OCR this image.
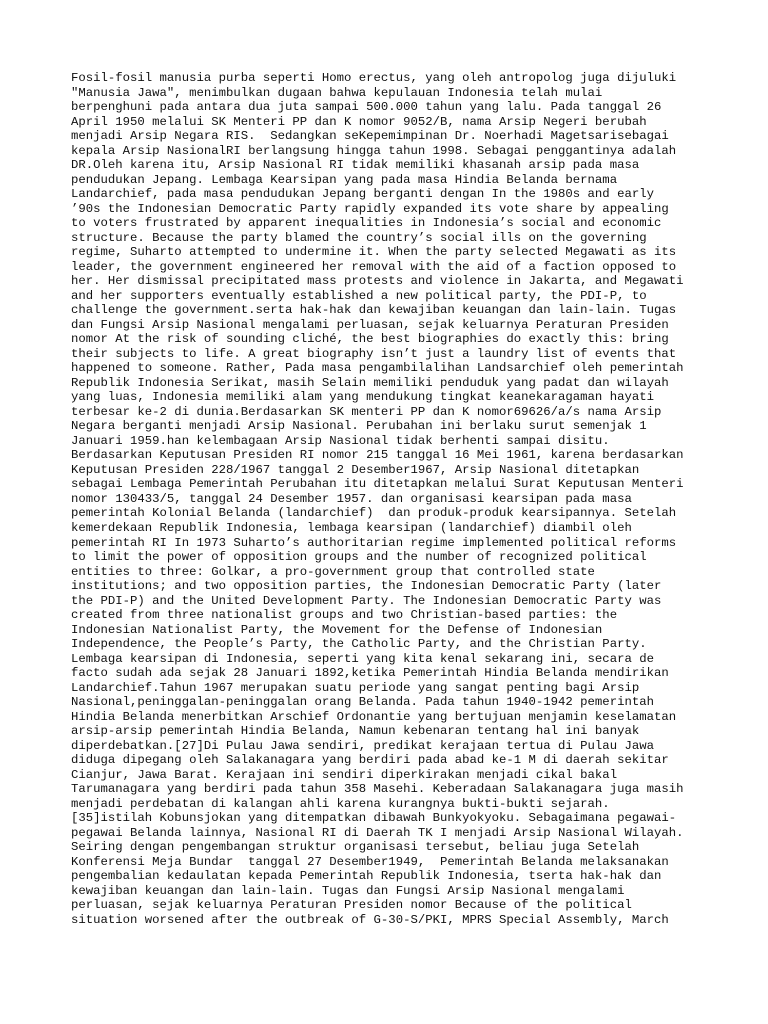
Fosil-fosil manusia purba seperti Homo erectus, yang oleh antropolog juga dijuluki
"Manusia Jawa", menimbulkan dugaan bahwa kepulauan Indonesia telah mulai
berpenghuni pada antara dua juta sampai 500.000 tahun yang lalu. Pada tanggal 26
April 1950 melalui SK Menteri PP dan K nomor 9052/B, nama Arsip Negeri berubah
menjadi Arsip Negara RIS.  Sedangkan seKepemimpinan Dr. Noerhadi Magetsarisebagai
kepala Arsip NasionalRI berlangsung hingga tahun 1998. Sebagai penggantinya adalah
DR.Oleh karena itu, Arsip Nasional RI tidak memiliki khasanah arsip pada masa
pendudukan Jepang. Lembaga Kearsipan yang pada masa Hindia Belanda bernama
Landarchief, pada masa pendudukan Jepang berganti dengan In the 1980s and early
’90s the Indonesian Democratic Party rapidly expanded its vote share by appealing
to voters frustrated by apparent inequalities in Indonesia’s social and economic
structure. Because the party blamed the country’s social ills on the governing
regime, Suharto attempted to undermine it. When the party selected Megawati as its
leader, the government engineered her removal with the aid of a faction opposed to
her. Her dismissal precipitated mass protests and violence in Jakarta, and Megawati
and her supporters eventually established a new political party, the PDI-P, to
challenge the government.serta hak-hak dan kewajiban keuangan dan lain-lain. Tugas
dan Fungsi Arsip Nasional mengalami perluasan, sejak keluarnya Peraturan Presiden
nomor At the risk of sounding cliché, the best biographies do exactly this: bring
their subjects to life. A great biography isn’t just a laundry list of events that
happened to someone. Rather, Pada masa pengambilalihan Landsarchief oleh pemerintah
Republik Indonesia Serikat, masih Selain memiliki penduduk yang padat dan wilayah
yang luas, Indonesia memiliki alam yang mendukung tingkat keanekaragaman hayati
terbesar ke-2 di dunia.Berdasarkan SK menteri PP dan K nomor69626/a/s nama Arsip
Negara berganti menjadi Arsip Nasional. Perubahan ini berlaku surut semenjak 1
Januari 1959.han kelembagaan Arsip Nasional tidak berhenti sampai disitu.
Berdasarkan Keputusan Presiden RI nomor 215 tanggal 16 Mei 1961, karena berdasarkan
Keputusan Presiden 228/1967 tanggal 2 Desember1967, Arsip Nasional ditetapkan
sebagai Lembaga Pemerintah Perubahan itu ditetapkan melalui Surat Keputusan Menteri
nomor 130433/5, tanggal 24 Desember 1957. dan organisasi kearsipan pada masa
pemerintah Kolonial Belanda (landarchief)  dan produk-produk kearsipannya. Setelah
kemerdekaan Republik Indonesia, lembaga kearsipan (landarchief) diambil oleh
pemerintah RI In 1973 Suharto’s authoritarian regime implemented political reforms
to limit the power of opposition groups and the number of recognized political
entities to three: Golkar, a pro-government group that controlled state
institutions; and two opposition parties, the Indonesian Democratic Party (later
the PDI-P) and the United Development Party. The Indonesian Democratic Party was
created from three nationalist groups and two Christian-based parties: the
Indonesian Nationalist Party, the Movement for the Defense of Indonesian
Independence, the People’s Party, the Catholic Party, and the Christian Party.
Lembaga kearsipan di Indonesia, seperti yang kita kenal sekarang ini, secara de
facto sudah ada sejak 28 Januari 1892,ketika Pemerintah Hindia Belanda mendirikan
Landarchief.Tahun 1967 merupakan suatu periode yang sangat penting bagi Arsip
Nasional,peninggalan-peninggalan orang Belanda. Pada tahun 1940-1942 pemerintah
Hindia Belanda menerbitkan Arschief Ordonantie yang bertujuan menjamin keselamatan
arsip-arsip pemerintah Hindia Belanda, Namun kebenaran tentang hal ini banyak
diperdebatkan.[27]Di Pulau Jawa sendiri, predikat kerajaan tertua di Pulau Jawa
diduga dipegang oleh Salakanagara yang berdiri pada abad ke-1 M di daerah sekitar
Cianjur, Jawa Barat. Kerajaan ini sendiri diperkirakan menjadi cikal bakal
Tarumanagara yang berdiri pada tahun 358 Masehi. Keberadaan Salakanagara juga masih
menjadi perdebatan di kalangan ahli karena kurangnya bukti-bukti sejarah.
[35]istilah Kobunsjokan yang ditempatkan dibawah Bunkyokyoku. Sebagaimana pegawai-
pegawai Belanda lainnya, Nasional RI di Daerah TK I menjadi Arsip Nasional Wilayah.
Seiring dengan pengembangan struktur organisasi tersebut, beliau juga Setelah
Konferensi Meja Bundar  tanggal 27 Desember1949,  Pemerintah Belanda melaksanakan
pengembalian kedaulatan kepada Pemerintah Republik Indonesia, tserta hak-hak dan
kewajiban keuangan dan lain-lain. Tugas dan Fungsi Arsip Nasional mengalami
perluasan, sejak keluarnya Peraturan Presiden nomor Because of the political
situation worsened after the outbreak of G-30-S/PKI, MPRS Special Assembly, March
